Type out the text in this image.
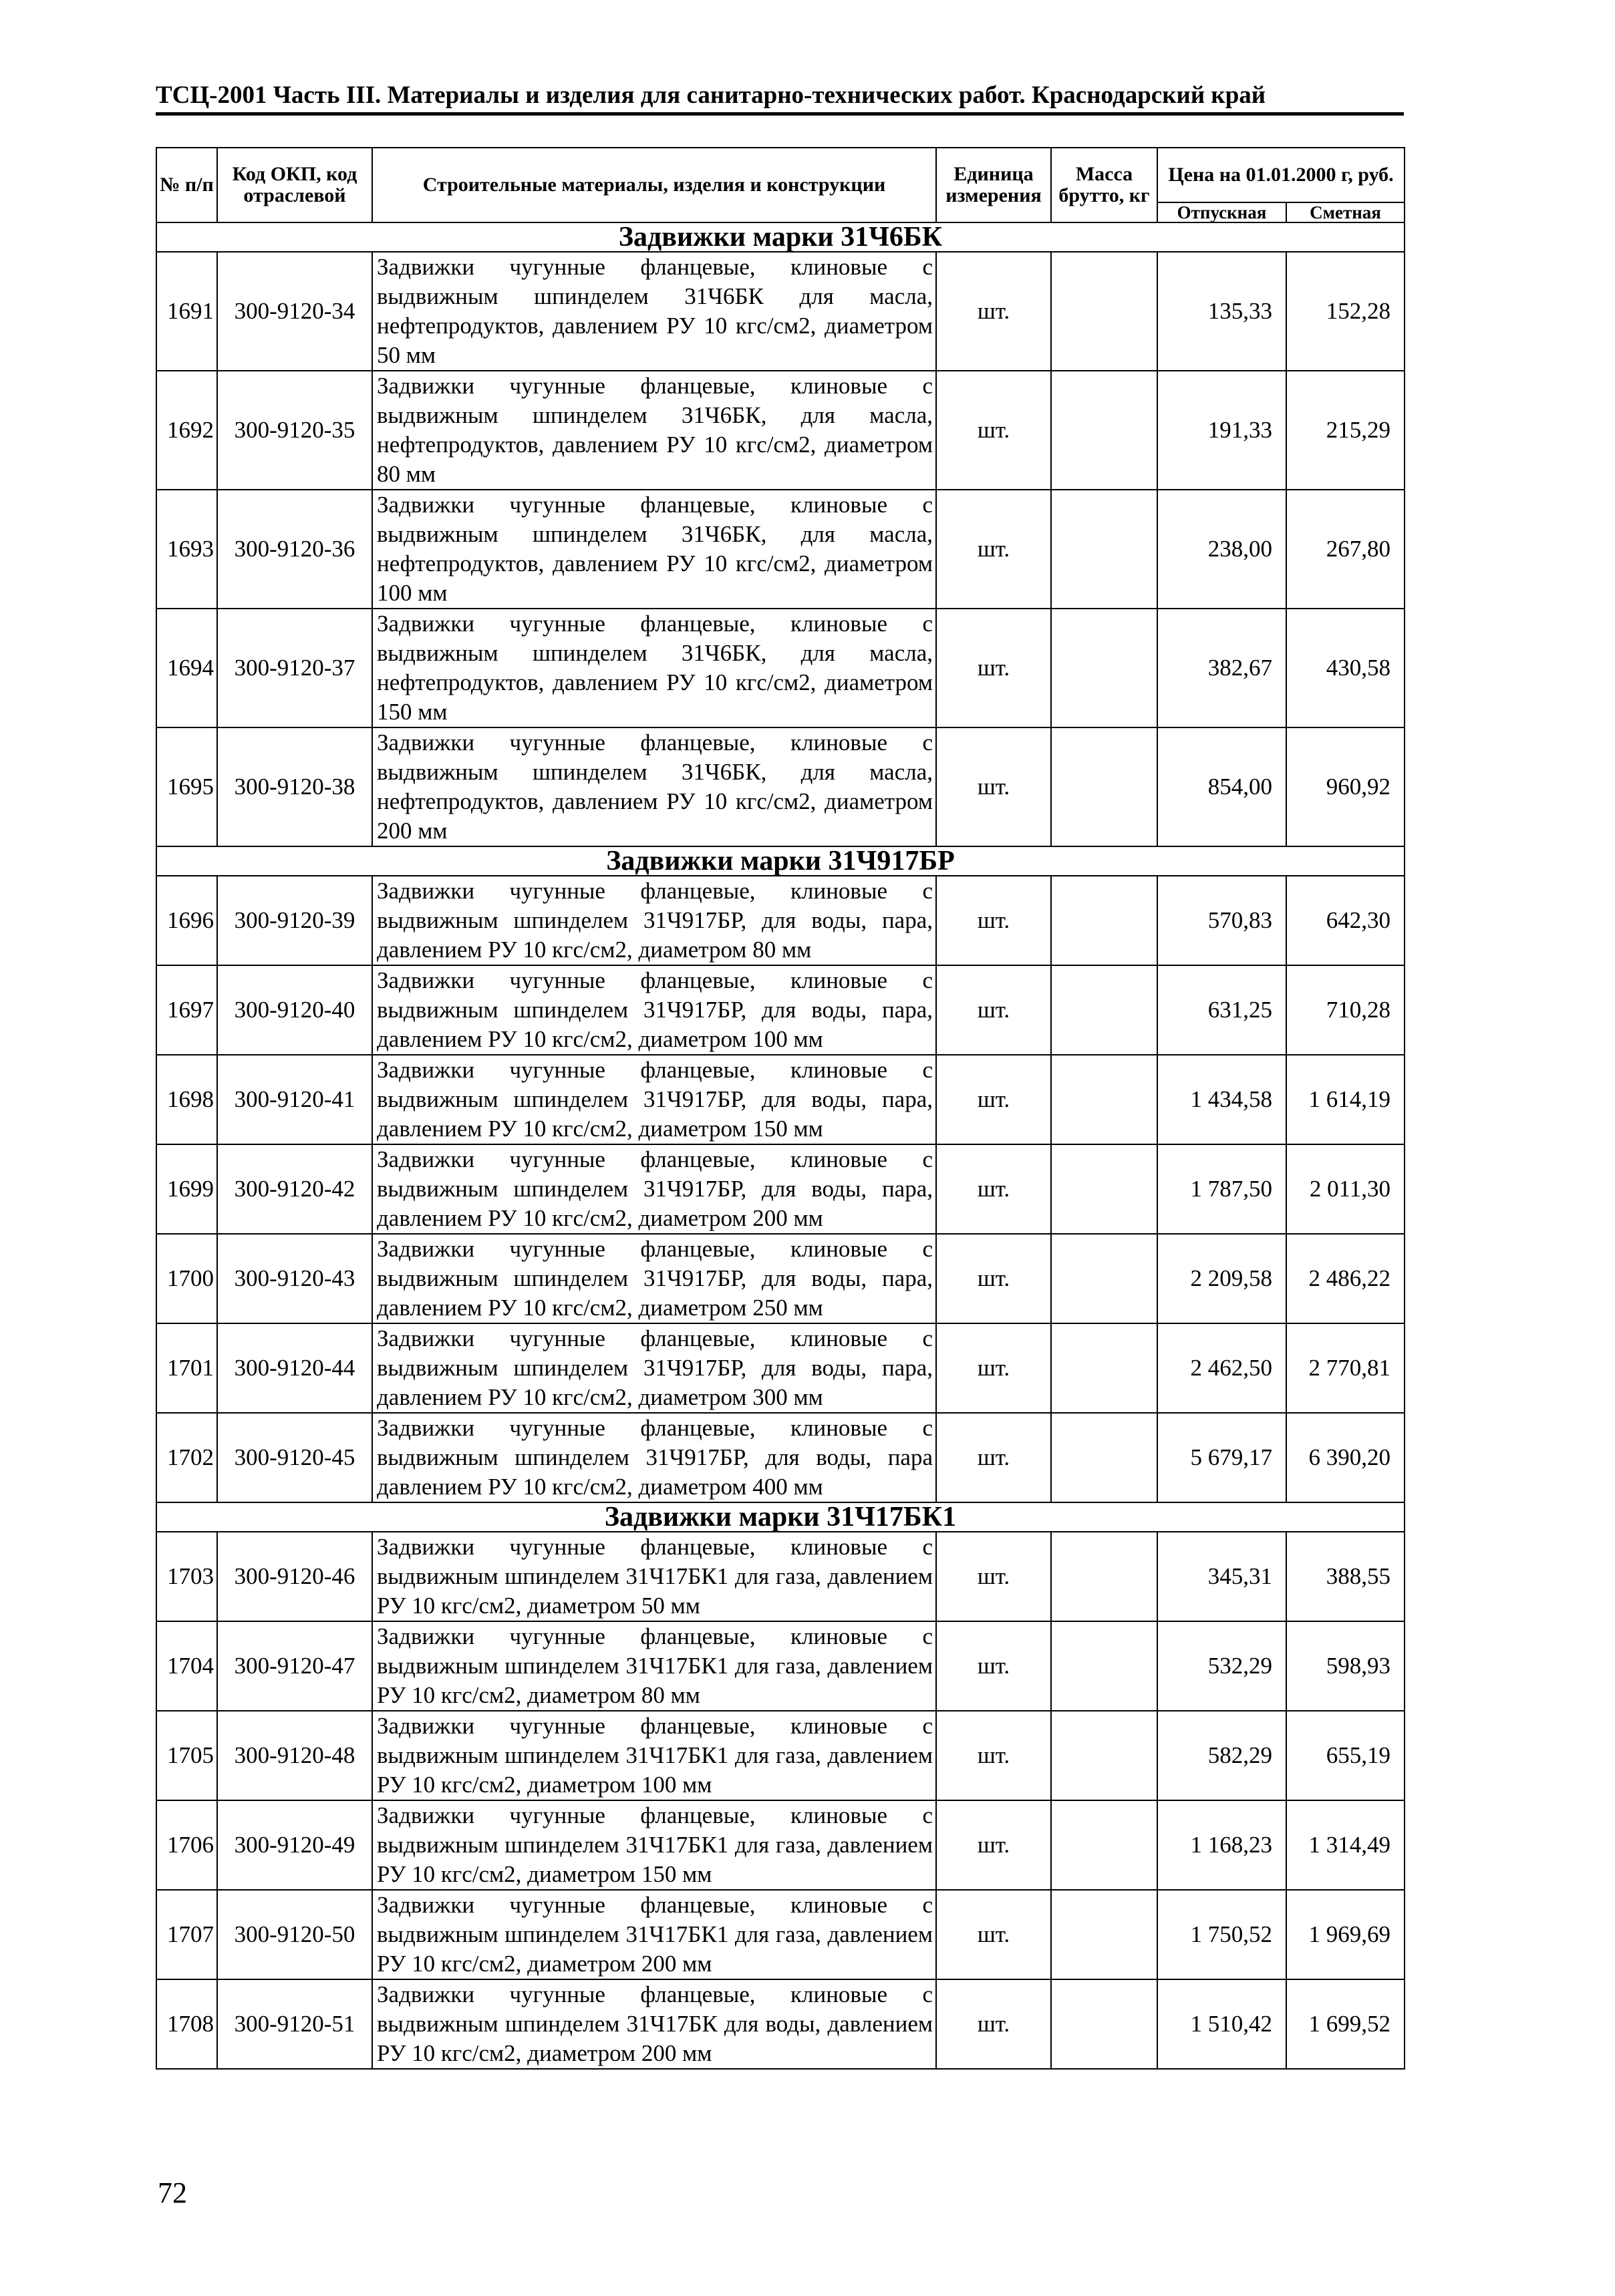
ТСЦ-2001 Часть III. Материалы и изделия для санитарно-технических работ. Краснодарский край
№ п/п	Код ОКП, код отраслевой	Строительные материалы, изделия и конструкции	Единица измерения	Масса брутто, кг	Цена на 01.01.2000 г, руб.	
					Отпускная	Сметная
Задвижки марки 31Ч6БК						
1691	300-9120-34	Задвижки чугунные фланцевые, клиновые с выдвижным шпинделем 31Ч6БК для масла, нефтепродуктов, давлением РУ 10 кгс/см2, диаметром 50 мм	шт.		135,33	152,28
1692	300-9120-35	Задвижки чугунные фланцевые, клиновые с выдвижным шпинделем 31Ч6БК, для масла, нефтепродуктов, давлением РУ 10 кгс/см2, диаметром 80 мм	шт.		191,33	215,29
1693	300-9120-36	Задвижки чугунные фланцевые, клиновые с выдвижным шпинделем 31Ч6БК, для масла, нефтепродуктов, давлением РУ 10 кгс/см2, диаметром 100 мм	шт.		238,00	267,80
1694	300-9120-37	Задвижки чугунные фланцевые, клиновые с выдвижным шпинделем 31Ч6БК, для масла, нефтепродуктов, давлением РУ 10 кгс/см2, диаметром 150 мм	шт.		382,67	430,58
1695	300-9120-38	Задвижки чугунные фланцевые, клиновые с выдвижным шпинделем 31Ч6БК, для масла, нефтепродуктов, давлением РУ 10 кгс/см2, диаметром 200 мм	шт.		854,00	960,92
Задвижки марки 31Ч917БР						
1696	300-9120-39	Задвижки чугунные фланцевые, клиновые с выдвижным шпинделем 31Ч917БР, для воды, пара, давлением РУ 10 кгс/см2, диаметром 80 мм	шт.		570,83	642,30
1697	300-9120-40	Задвижки чугунные фланцевые, клиновые с выдвижным шпинделем 31Ч917БР, для воды, пара, давлением РУ 10 кгс/см2, диаметром 100 мм	шт.		631,25	710,28
1698	300-9120-41	Задвижки чугунные фланцевые, клиновые с выдвижным шпинделем 31Ч917БР, для воды, пара, давлением РУ 10 кгс/см2, диаметром 150 мм	шт.		1 434,58	1 614,19
1699	300-9120-42	Задвижки чугунные фланцевые, клиновые с выдвижным шпинделем 31Ч917БР, для воды, пара, давлением РУ 10 кгс/см2, диаметром 200 мм	шт.		1 787,50	2 011,30
1700	300-9120-43	Задвижки чугунные фланцевые, клиновые с выдвижным шпинделем 31Ч917БР, для воды, пара, давлением РУ 10 кгс/см2, диаметром 250 мм	шт.		2 209,58	2 486,22
1701	300-9120-44	Задвижки чугунные фланцевые, клиновые с выдвижным шпинделем 31Ч917БР, для воды, пара, давлением РУ 10 кгс/см2, диаметром 300 мм	шт.		2 462,50	2 770,81
1702	300-9120-45	Задвижки чугунные фланцевые, клиновые с выдвижным шпинделем 31Ч917БР, для воды, пара давлением РУ 10 кгс/см2, диаметром 400 мм	шт.		5 679,17	6 390,20
Задвижки марки 31Ч17БК1						
1703	300-9120-46	Задвижки чугунные фланцевые, клиновые с выдвижным шпинделем 31Ч17БК1 для газа, давлением РУ 10 кгс/см2, диаметром 50 мм	шт.		345,31	388,55
1704	300-9120-47	Задвижки чугунные фланцевые, клиновые с выдвижным шпинделем 31Ч17БК1 для газа, давлением РУ 10 кгс/см2, диаметром 80 мм	шт.		532,29	598,93
1705	300-9120-48	Задвижки чугунные фланцевые, клиновые с выдвижным шпинделем 31Ч17БК1 для газа, давлением РУ 10 кгс/см2, диаметром 100 мм	шт.		582,29	655,19
1706	300-9120-49	Задвижки чугунные фланцевые, клиновые с выдвижным шпинделем 31Ч17БК1 для газа, давлением РУ 10 кгс/см2, диаметром 150 мм	шт.		1 168,23	1 314,49
1707	300-9120-50	Задвижки чугунные фланцевые, клиновые с выдвижным шпинделем 31Ч17БК1 для газа, давлением РУ 10 кгс/см2, диаметром 200 мм	шт.		1 750,52	1 969,69
1708	300-9120-51	Задвижки чугунные фланцевые, клиновые с выдвижным шпинделем 31Ч17БК для воды, давлением РУ 10 кгс/см2, диаметром 200 мм	шт.		1 510,42	1 699,52
72
